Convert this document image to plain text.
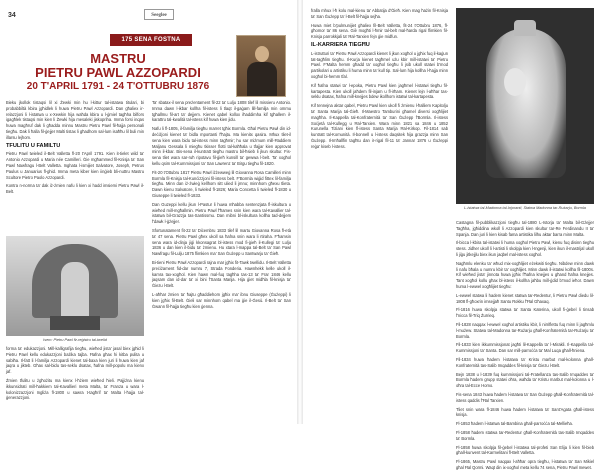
34	Seeglee
175 SENA FOSTNA
MASTRU
PIETRU PAWL AZZOPARDI
20 T'APRIL 1791 - 24 T'OTTUBRU 1876

Bieku jkollok tistaqsi lil xi Żewki min hu l-kittur tal-istatwa titulari, bi probabbiltà kbira jgħidlek li huwa Pietru Pawl Azzopardi. Dan għaliex ir-relazzjoni li l-istatwa u x-Xewkin hija waħda kbira u l-ġmiel tagħha bilfors igagħlek tistaqsi min kien li Żewki hija mesaleki jiskopriha. Imma forsi inqas huwa magħruf dak li għadda minnu Mastru Pietru Pawl fil-ħajja personali tiegħu. Dak li ħalla fil-ġejjer Malti tistax li għadhom sal-lum isaħħu lil buli min illarsu lejhom.

TFULITU U FAMILTU

Pietru Pawl twieled il-Belt Valletta fl-20 t'April 1791. Kien it-tielet wild ta' Antonio Azzopardi u Maria née Camilleri. Ġie mgħammed fil-Knisja ta' San Pawl Nawfragu l-Belt Valletta. Inghata l-ismijiet Salvatore, Joseph, Petrus Paulus u Januarius fl-ghid. Imma meta kiber kien iinġieb bli-nuttru Mastru Scultore Pietro Paolo Azzopardi.

Kontra n-norma ta' dak iż-żmien nafu li kien xi hadd imsiemi Pietru Pawl il-Belt.

Isem: Pietru Pawl fir-reġistru tal-twelid

forma ta' edukazzjoni. Mill-kalligrafija tiegħu, wieħed jista' jasal biex jgħid li Pietru Pawl kellu edukazzjoni bażika tajba. Ħafna għax hi kitba pulita u sabiħa. Il-fatt li l-familja Azzopardi kienet tal-baxa kien juri li huwa kien jaf jaqra u jikteb. Għax sal-bidu tas-seklu dsatax, ħafna mill-popolu ma kienx jaf.

Żmien tfulitu u żgħożitu ma kienx l-ħżiem wieħed ħieli. Pajjiżna kienu ikkunsidrati mill-ħakkiem tal-Kavallieri meta Malta, ta' Franza u wara l-kolonizzazzjoni Ingliża fl-1800 u sawra t-tagħrif ta' Malta l-ħajja tal-ġenerazzjoni.

Ta' sbatax-il sena preżentament fil-22 ta' Lulju 1808 tilef lil missieru Antonio. Imma dawn l-ikbar kollha fil-istess li tlaqt il-gaġam lill-familja min ommu tgħallmu fil-art ta' dejjem. Kienet qabel kollox iħaddimha kif tgħallem il-karattru tal-kwalità tal-istess kif huwa kien jidu.

Nafu li fl-1805, il-familja tiegħu marret tgħix Bormla. Għal Pietru Pawl din id-deċiżjoni kienet ta' bidla mportanti f'ħajtu. Ma kienitx qasira. Mhux tliet-il sena kien wara bidu tal-istess minn tagħmir; hu sar miżmum mill-Ħaddiem Maljanu Gessala li miegħu tkisser flotti tal-kaħħala u tfajjar kien approvat minn il-kbar. Bis-sena il-kuntratt tiegħu mastru bil-ħsieb li jkun skultur. Fis-sena tliet wara sar-ruħ ripotavu fil-ġieħ kunsill ta' gewwa l-belt. Ta' xogħol kellu qsim tal-Kummissjoni ta' San Lawrenz ta' Birgu tiegħu fil-1820.

Fit-20 t'Ottubru 1817 Pietru Pawl iżżewweġ lil Giovanna Rosa Camilleri minn Bormla fil-Knisja tal-Kunċizzjoni fil-istess belt. F'Bormla wiġid fittex lil-familja tiegħu. Minn dan iż-żwieġ kellhom sitt ulied li jmnu; minnhom għexu tlieta. Dawn kienu Salvatore, li twieled fl-1826; Maria Concetta li twieled fl-1830 u Giuseppe li twieled fl-1833.

Dan Guzeppi kellu jkun l-Pastur li huwa mħabba sentenzjata fl-iskultura u wieħed mill-mgħallmin. Pietru Pawl f'ħames snin kien wara tal-Kavallier tal-istatwa bil-Grazzja tas-Santissmu. Dan mibni bl-iskultura kollha tad-dejjem f'dawk l-ġżejjer.

Sfortunatament fit-22 ta' Diċembru 1833 tilef lil martu Giovanna Rosa fl-età ta' 47 sena. Pietru Pawl għex ukoll sa ħafna snin wara li rtiraha. F'ħamsin sena wara id-dinja jiġi kkonsagrat bl-istess mod fi-ġieħ il-Kullegi ta' Lulju 1836 u dan kien il-bidu ta' żmienu. Hu xtara l-mappa tal-Belt ta' San Pawl Nawfragu fil-Lulju 1875 flimkien ma' San Ġużepp u Santwarju ta' Ġieħ.

Bi-tieni Pietru Pawl Azzopardi rajna mar jgħix fit-Tawk twellidu. Il-Belt Valletta preċiżament fid-dar numru 7, Strada Fonderia. Hawnhekk kelle ukoll il-kamra tax-xogħol. Kien hawn mal-fuq tagħha tas-13 ta' Frar 1846 kellu jaqsam dan id-dar ta' xi bini f'Santa Marija. Hija ġiet midħla fil-knisja ta' Ġiezu l-Belt.

L-aħħar żmien ta' ħajtu għaddiehom jgħix ma' ibnu Giuseppe (Ġużeppi) li kien jgħix fil-Belt. Ġieli sar minnhom qabel ma ġie il-Ġesù. Il-Belt ta' San Ġwann fil-ħajja tiegħu kien ġenna.

fralla mhux l-ħ kolu mal-kienu ta' Abbatija d'Ġieħ. Kien mag ħażin fil-Knisja ta' San Ġużepp ta' l-Belt fil-ħajja sejħa.

Huwa miet b'pulmunijiet għaliex fil-Belt Valletta, fit-24 t'Ottubru 1876, fl-għomor ta' 86 sena. Giè mogħti l-ħmir tal-belt mal-ħarda rigal flimkien fil-Knisja parrokkjali ta' Ħal-Tarxien fejn ġie midfun.

IL-KARRIERA TIEGĦU

L-istrutturi ta' Pietru Pawl Azzopardi kienet li jkun xogħol u jgħix fuq il-kaġun tat-tagħlim tiegħu. Il-Kurja kienet tagħmel użu kbir mill-istatwi ta' Pietru Pawl. F'Malta hemm għadd ta' xogħol tiegħu li jsib ukoll statwi b'mod partikolari u artistiku li huma minn ta' kull tip. Sal-lum hija kollha l-ħajja minn xogħol bi-hemm tfal.

Kif ħafna statwi ta' l-epoka, Pietru Pawl kien jagħmel l-istatwi tiegħu fil-kartapesta. Kien ukoll jaħdem fil-injam u fl-irħam. Kienet lejn l-aħħar tas-seklu dsatax, ħafna mill-knejjes bdew ikollhom istatwi tal-kartapesta.

Kif tennejna aktar qabel, Pietru Pawl kien ukoll fi żmienu l-ħalliem Kapitolju ta' Santa Marija tal-Ġieħ. Il-Maestro Tamburini għamel diversi xogħlijiet magħha. Il-Kappella tal-Konfraternità ta' San Ġużepp f'Bormla. Il-istess Soċjetà tal-Kullegg u Ħal-Tarxien. Wara minn 1821 sa 1846 u 1852 Kurunella Tiziani kien fl-istess Santa Marija Ħal-Kirkop. Fil-1814 sab kuntratt tal-Komunità. Il-bonnell u l-istess daqsitek hija grazzja minn San Ġużepp. Il-Imħallfin tagħtu dan ir-rigal fil-11 ta' Jannar 1876 u Ġużeppi reġa' kiseb l-istess.

L-istatwa tal-Madonna tal-Injoranti, Statwa Madonna tar-Rużarju, Bormla

Castagna fil-pubblikazzjoni tiegħu tal-1880 L-Istorja ta' Malta bil-Gżejjer Tagħha, jgħiddina wkoll li Azzopardi kien skultur tar-Re Ferdinandu II ta' Spanja. Dan juri li kien kisab fama artistika lilhu aktar barra minn Malta.

Il-bicca l-kbira tal-istatwi li huma xogħol Pietru Pawl, kienu fuq disinn tiegħu stess. Jidher ukoll li l-artisti li skolpja kien l-Ingenji, kien ikun il-mastrijal ukoll li jiġu jitkejjlu biex ikun jaqbel mal-istess xogħol.

Nagħmlu elenku ta' wħud mix-xogħlijiet eżekwiti tiegħu. Nibdew minn dawk li nafu bħala u numru kbir ta' xogħlijiet. Minn dawk il-istatwi kollha fil-1800s. Kif wieħed jista' jinnota huwa jgħix f'ħafna knejjes u għand ħafna knejjes. Tant xogħol kollu għax bl-istess il-kollha jaħbu mill-ġdid b'mod ieħor. Dawn huma l-ewwel xogħlijiet tiegħu:

L-ewwel statwa li hadem kienet statwa tar-Redentur, li Pietru Pawl diedu lil-1808 fl-għoxrin imsejjaħ Santu Rokku f'Ħal Għaxaq.

Fl-1816 huwa skolpja statwa ta' Santa Katerina, ukoll fi-ġebel li tinsab f'nicca fil-Triq Żurrieq.

Fil-1828 naqqax l-ewwel xogħol artistiku kbir, li nirriflettu fuq minn li jagħmlu l-mużew. Statwa tal-Madonna tar-Rużarju għall-Konfraternità tar-Rużarju ta' Bormla.

Fil-1833 kien ikkummissjonat jagħti lil-Kappella ta' l-Mirakli. Il-Kappella tal-Kummissjoni ta' Santa. Dan sar mill-parroċċa ta' Mal Luqa għall-ħniena.

Fil-1834 huwa ħadem l-istatwa ta' Kristu marbut mal-kolonna għall-Konfraternità tas-Salib Imqaddes fil-knisja ta' Ġiezu l-Belt.

Bejn 1838 u l-1839 fuq kummissjoni tal-Fratellanza tas-Salib Imqaddes ta' Bormla ħadem grupp statwi oħra, waħda ta' Kristu marbut mal-kolonna u l-oħra tal-Ecce Homo.

Fis-sena 1843 huwa ħadem l-istatwa ta' San Ġużepp għall-Konfraternità tal-istess qaddis f'Ħal Tarxien.

Tliet snin wara fl-1846 huwa ħadem l-istatwa ta' Sant'Agata għall-istess knisja.

Fl-1853 ħadem l-istatwa tal-Bambina għall-parroċċa tal-Mellieħa.

Fl-1858 ħadem statwa tar-Redentur għall-Konfraternità tas-Salib Imqaddes ta' Bormla.

Fl-1858 huwa skolpja fil-ġebel l-istatwa tal-profeti San Elija li kien fil-bieb għall-kunvent tal-Karmelitani fl-Belt Valletta.

Fl-1865, Mastru Pawl naqqax l-aħħar opra tiegħu, l-istatwa ta' San Mikiel għal Ħal Qormi. Waqt din ix-xogħol meta kellu 74 sena, Pietru Pawl mewet.
